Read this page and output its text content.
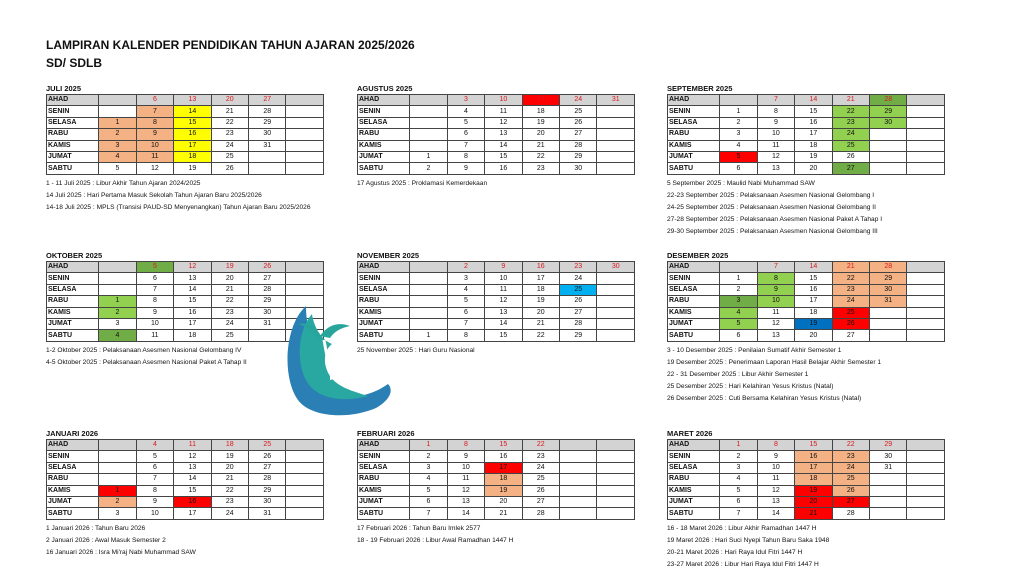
LAMPIRAN KALENDER PENDIDIKAN TAHUN AJARAN 2025/2026
SD/ SDLB
JULI 2025
AHAD		6	13	20	27	
SENIN		7	14	21	28	
SELASA	1	8	15	22	29	
RABU	2	9	16	23	30	
KAMIS	3	10	17	24	31	
JUMAT	4	11	18	25		
SABTU	5	12	19	26		
1 - 11 Juli 2025 : Libur Akhir Tahun Ajaran 2024/2025
14 Juli 2025 : Hari Pertama Masuk Sekolah Tahun Ajaran Baru 2025/2026
14-18 Juli 2025 : MPLS (Transisi PAUD-SD Menyenangkan) Tahun Ajaran Baru 2025/2026
AGUSTUS 2025
AHAD		3	10	17	24	31
SENIN		4	11	18	25	
SELASA		5	12	19	26	
RABU		6	13	20	27	
KAMIS		7	14	21	28	
JUMAT	1	8	15	22	29	
SABTU	2	9	16	23	30	
17 Agustus 2025 : Proklamasi Kemerdekaan
SEPTEMBER 2025
AHAD		7	14	21	28	
SENIN	1	8	15	22	29	
SELASA	2	9	16	23	30	
RABU	3	10	17	24		
KAMIS	4	11	18	25		
JUMAT	5	12	19	26		
SABTU	6	13	20	27		
5 September 2025 : Maulid Nabi Muhammad SAW
22-23 September 2025 : Pelaksanaan Asesmen Nasional Gelombang I
24-25 September 2025 : Pelaksanaan Asesmen Nasional Gelombang II
27-28 September 2025 : Pelaksanaan Asesmen Nasional Paket A Tahap I
29-30 September 2025 : Pelaksanaan Asesmen Nasional Gelombang III
OKTOBER 2025
AHAD		5	12	19	26	
SENIN		6	13	20	27	
SELASA		7	14	21	28	
RABU	1	8	15	22	29	
KAMIS	2	9	16	23	30	
JUMAT	3	10	17	24	31	
SABTU	4	11	18	25		
1-2 Oktober 2025 : Pelaksanaan Asesmen Nasional Gelombang IV
4-5 Oktober 2025 : Pelaksanaan Asesmen Nasional Paket A Tahap II
NOVEMBER 2025
AHAD		2	9	16	23	30
SENIN		3	10	17	24	
SELASA		4	11	18	25	
RABU		5	12	19	26	
KAMIS		6	13	20	27	
JUMAT		7	14	21	28	
SABTU	1	8	15	22	29	
25 November 2025 : Hari Guru Nasional
DESEMBER 2025
AHAD		7	14	21	28	
SENIN	1	8	15	22	29	
SELASA	2	9	16	23	30	
RABU	3	10	17	24	31	
KAMIS	4	11	18	25		
JUMAT	5	12	19	26		
SABTU	6	13	20	27		
3 - 10 Desember 2025 : Penilaian Sumatif Akhir Semester 1
19 Desember 2025 : Penerimaan Laporan Hasil Belajar Akhir Semester 1
22 - 31 Desember 2025 : Libur Akhir Semester 1
25 Desember 2025 : Hari Kelahiran Yesus Kristus (Natal)
26 Desember 2025 : Cuti Bersama Kelahiran Yesus Kristus (Natal)
JANUARI 2026
AHAD		4	11	18	25	
SENIN		5	12	19	26	
SELASA		6	13	20	27	
RABU		7	14	21	28	
KAMIS	1	8	15	22	29	
JUMAT	2	9	16	23	30	
SABTU	3	10	17	24	31	
1 Januari 2026 : Tahun Baru 2026
2 Januari 2026 : Awal Masuk Semester 2
16 Januari 2026 : Isra Mi'raj Nabi Muhammad SAW
FEBRUARI 2026
AHAD	1	8	15	22		
SENIN	2	9	16	23		
SELASA	3	10	17	24		
RABU	4	11	18	25		
KAMIS	5	12	19	26		
JUMAT	6	13	20	27		
SABTU	7	14	21	28		
17 Februari 2026 : Tahun Baru Imlek 2577
18 - 19 Februari 2026 : Libur Awal Ramadhan 1447 H
MARET 2026
AHAD	1	8	15	22	29	
SENIN	2	9	16	23	30	
SELASA	3	10	17	24	31	
RABU	4	11	18	25		
KAMIS	5	12	19	26		
JUMAT	6	13	20	27		
SABTU	7	14	21	28		
16 - 18 Maret 2026 : Libur Akhir Ramadhan 1447 H
19 Maret 2026 : Hari Suci Nyepi Tahun Baru Saka 1948
20-21 Maret 2026 : Hari Raya Idul Fitri 1447 H
23-27 Maret 2026 : Libur Hari Raya Idul Fitri 1447 H
